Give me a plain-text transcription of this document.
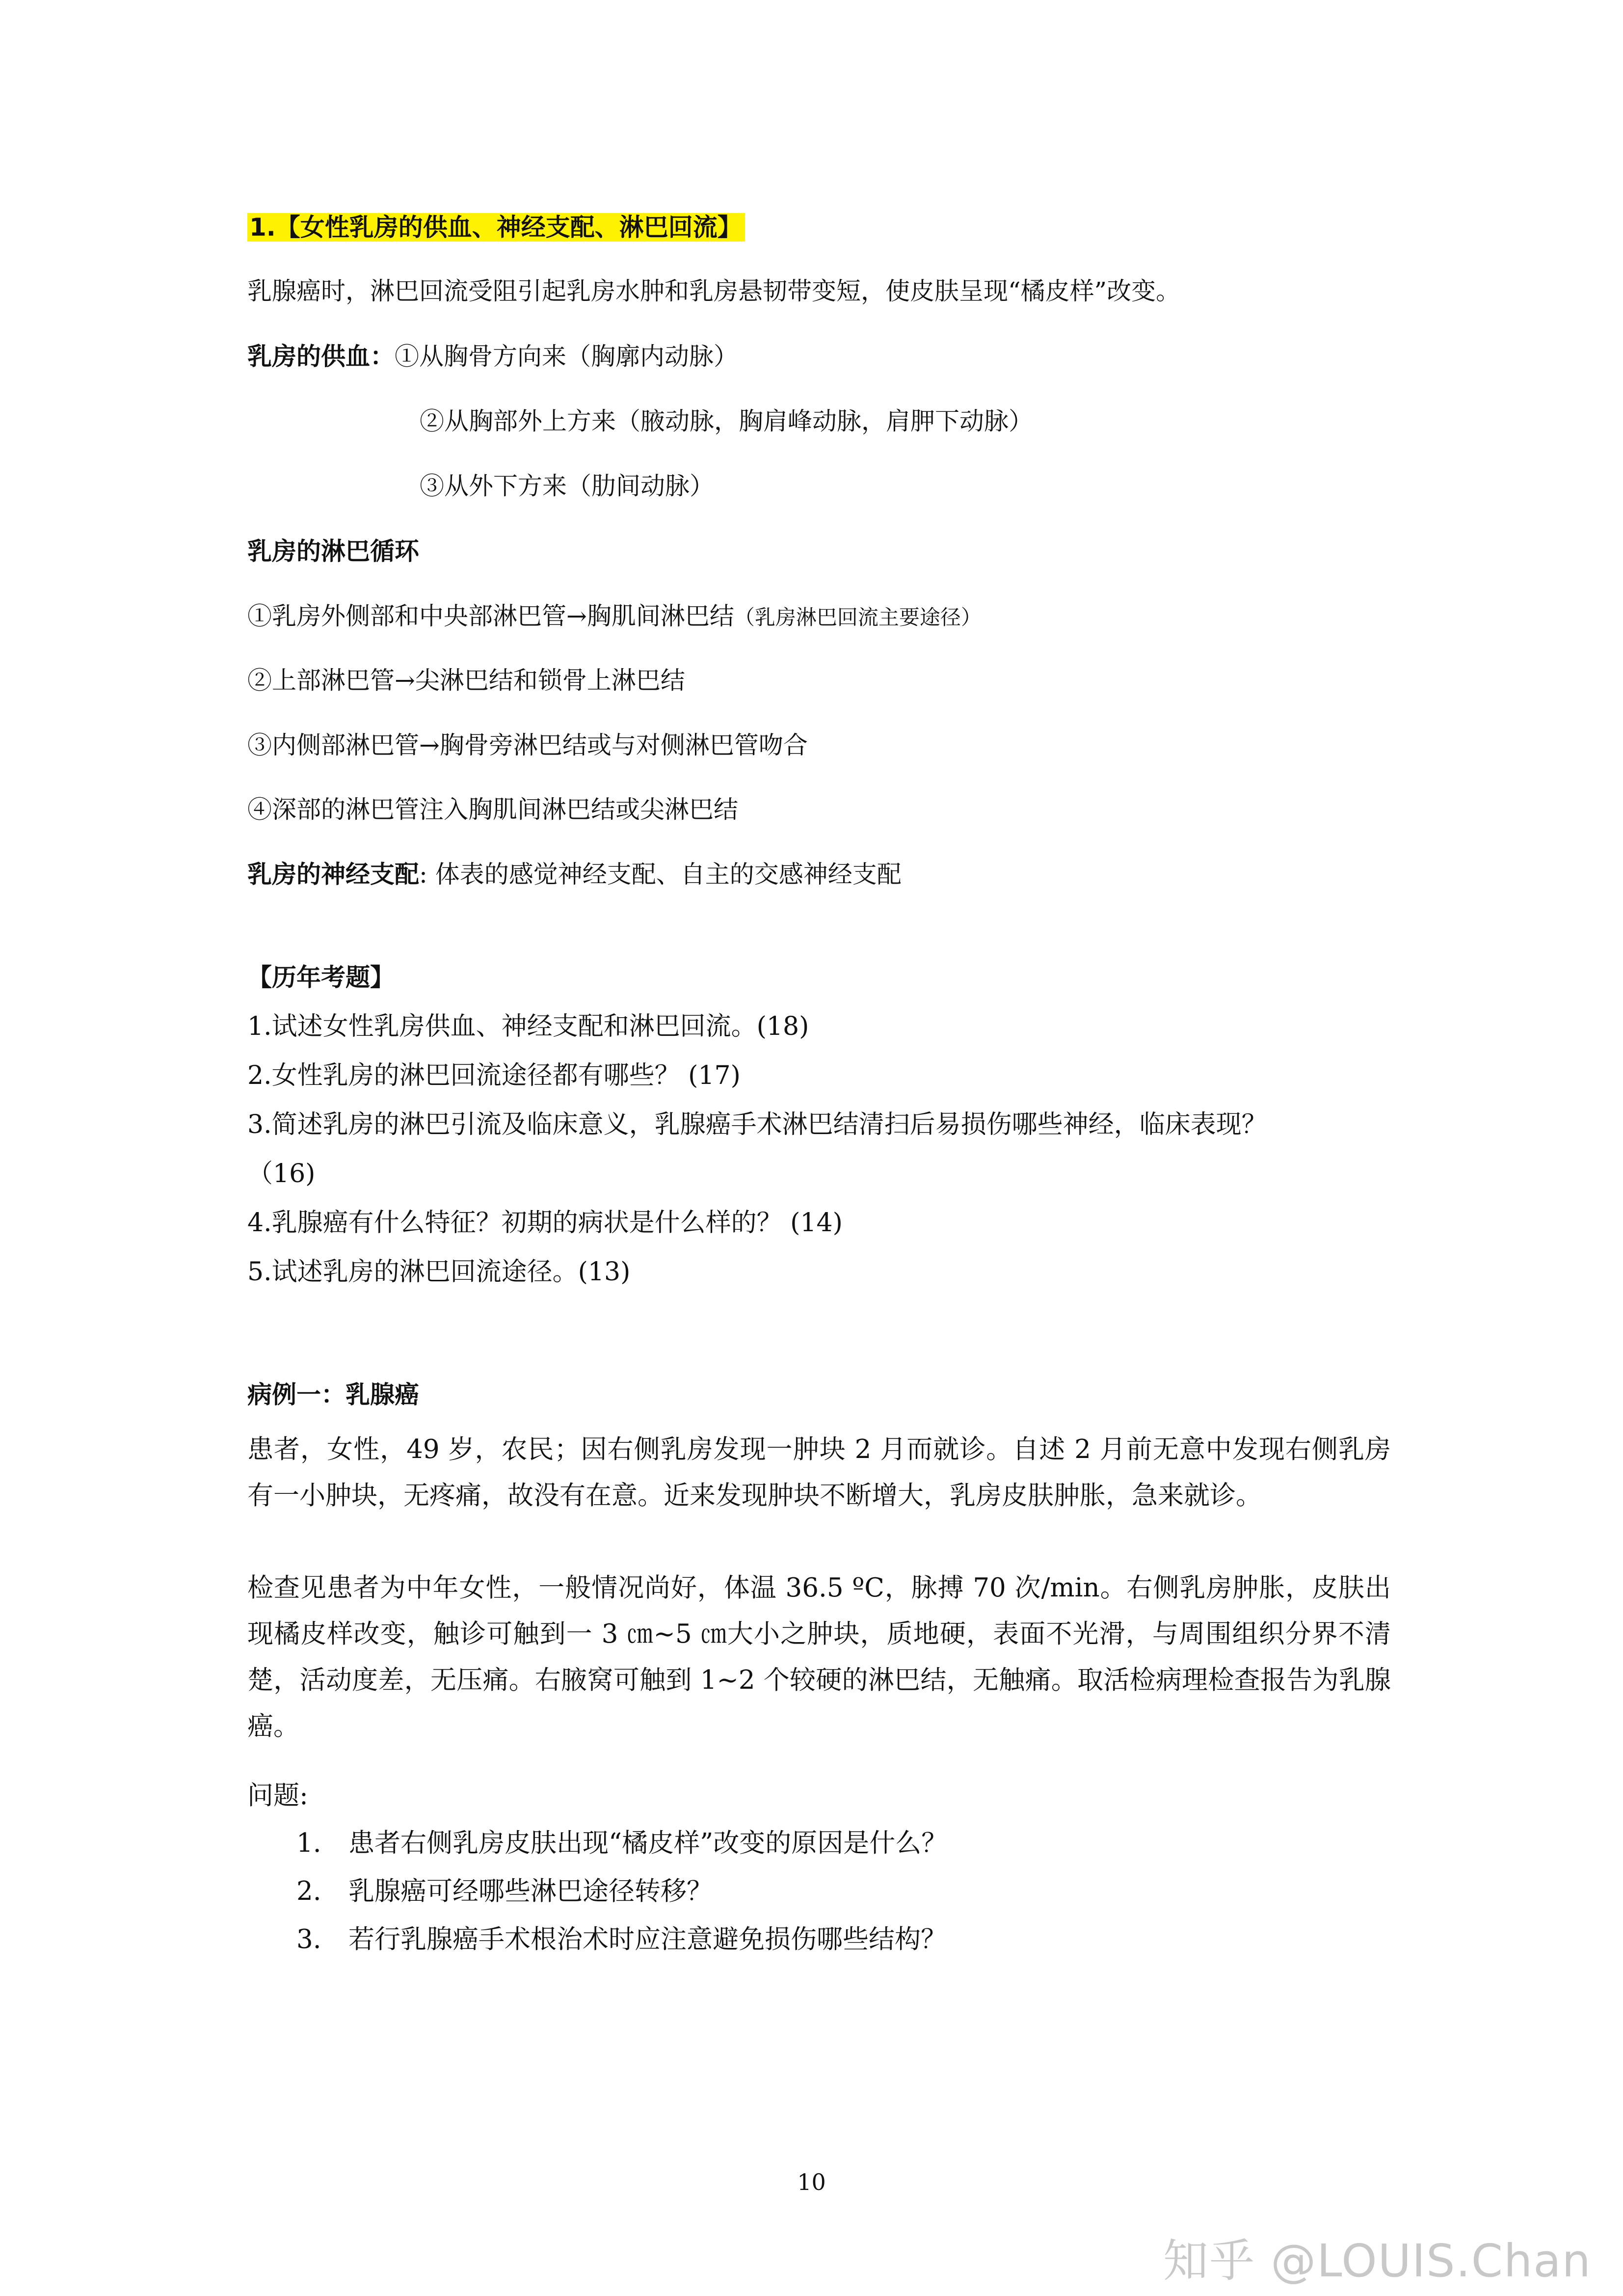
1.【女性乳房的供血、神经支配、淋巴回流】

乳腺癌时，淋巴回流受阻引起乳房水肿和乳房悬韧带变短，使皮肤呈现“橘皮样”改变。

乳房的供血：①从胸骨方向来（胸廓内动脉）

②从胸部外上方来（腋动脉，胸肩峰动脉，肩胛下动脉）

③从外下方来（肋间动脉）

乳房的淋巴循环

①乳房外侧部和中央部淋巴管→胸肌间淋巴结（乳房淋巴回流主要途径）

②上部淋巴管→尖淋巴结和锁骨上淋巴结

③内侧部淋巴管→胸骨旁淋巴结或与对侧淋巴管吻合

④深部的淋巴管注入胸肌间淋巴结或尖淋巴结

乳房的神经支配: 体表的感觉神经支配、自主的交感神经支配

【历年考题】

1.试述女性乳房供血、神经支配和淋巴回流。(18)

2.女性乳房的淋巴回流途径都有哪些？ (17)

3.简述乳房的淋巴引流及临床意义，乳腺癌手术淋巴结清扫后易损伤哪些神经，临床表现？

（16)

4.乳腺癌有什么特征？初期的病状是什么样的？ (14)

5.试述乳房的淋巴回流途径。(13)

病例一：乳腺癌

患者，女性，49 岁，农民；因右侧乳房发现一肿块 2 月而就诊。自述 2 月前无意中发现右侧乳房有一小肿块，无疼痛，故没有在意。近来发现肿块不断增大，乳房皮肤肿胀，急来就诊。

检查见患者为中年女性，一般情况尚好，体温 36.5 ºC，脉搏 70 次/min。右侧乳房肿胀，皮肤出现橘皮样改变，触诊可触到一 3 ㎝~5 ㎝大小之肿块，质地硬，表面不光滑，与周围组织分界不清楚，活动度差，无压痛。右腋窝可触到 1~2 个较硬的淋巴结，无触痛。取活检病理检查报告为乳腺癌。

问题:

1. 患者右侧乳房皮肤出现“橘皮样”改变的原因是什么？

2. 乳腺癌可经哪些淋巴途径转移？

3. 若行乳腺癌手术根治术时应注意避免损伤哪些结构？

10

知乎 @LOUIS.Chan
